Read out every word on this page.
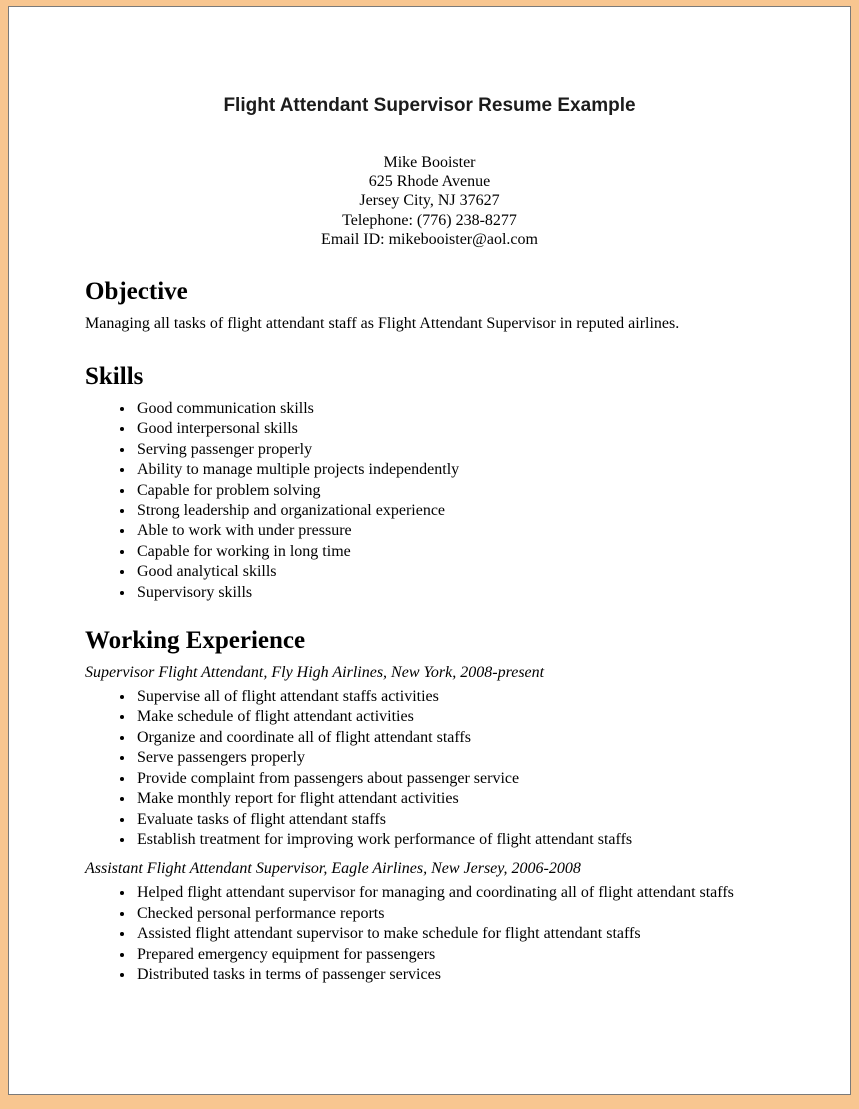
Flight Attendant Supervisor Resume Example
Mike Booister
625 Rhode Avenue
Jersey City, NJ 37627
Telephone: (776) 238-8277
Email ID: mikebooister@aol.com
Objective
Managing all tasks of flight attendant staff as Flight Attendant Supervisor in reputed airlines.
Skills
• Good communication skills
• Good interpersonal skills
• Serving passenger properly
• Ability to manage multiple projects independently
• Capable for problem solving
• Strong leadership and organizational experience
• Able to work with under pressure
• Capable for working in long time
• Good analytical skills
• Supervisory skills
Working Experience
Supervisor Flight Attendant, Fly High Airlines, New York, 2008-present
• Supervise all of flight attendant staffs activities
• Make schedule of flight attendant activities
• Organize and coordinate all of flight attendant staffs
• Serve passengers properly
• Provide complaint from passengers about passenger service
• Make monthly report for flight attendant activities
• Evaluate tasks of flight attendant staffs
• Establish treatment for improving work performance of flight attendant staffs
Assistant Flight Attendant Supervisor, Eagle Airlines, New Jersey, 2006-2008
• Helped flight attendant supervisor for managing and coordinating all of flight attendant staffs
• Checked personal performance reports
• Assisted flight attendant supervisor to make schedule for flight attendant staffs
• Prepared emergency equipment for passengers
• Distributed tasks in terms of passenger services
